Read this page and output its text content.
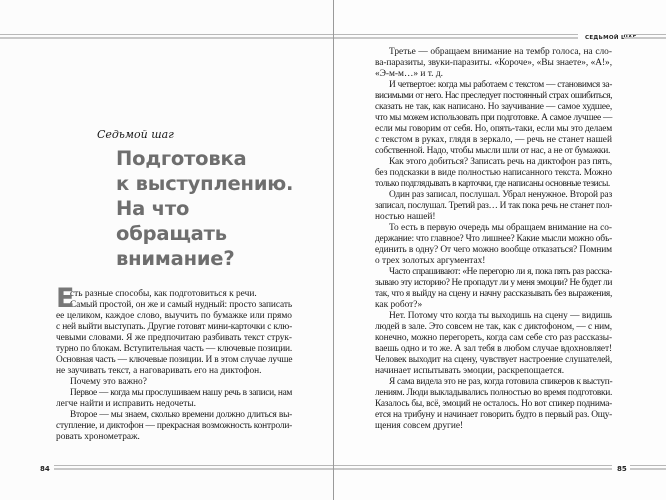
Седьмой шаг
Подготовка
к выступлению.
На что
обращать
внимание?
Е
сть разные способы, как подготовиться к речи.
Самый простой, он же и самый нудный: просто записать
ее целиком, каждое слово, выучить по бумажке или прямо
с ней выйти выступать. Другие готовят мини-карточки с клю-
чевыми словами. Я же предпочитаю разбивать текст струк-
турно по блокам. Вступительная часть — ключевые позиции.
Основная часть — ключевые позиции. И в этом случае лучше
не заучивать текст, а наговаривать его на диктофон.
Почему это важно?
Первое — когда мы прослушиваем нашу речь в записи, нам
легче найти и исправить недочеты.
Второе — мы знаем, сколько времени должно длиться вы-
ступление, и диктофон — прекрасная возможность контроли-
ровать хронометраж.
84
СЕДЬМОЙ ШАГ
Третье — обращаем внимание на тембр голоса, на сло-
ва-паразиты, звуки-паразиты. «Короче», «Вы знаете», «А!»,
«Э-м-м…» и т. д.
И четвертое: когда мы работаем с текстом — становимся за-
висимыми от него. Нас преследует постоянный страх ошибиться,
сказать не так, как написано. Но заучивание — самое худшее,
что мы можем использовать при подготовке. А самое лучшее —
если мы говорим от себя. Но, опять-таки, если мы это делаем
с текстом в руках, глядя в зеркало, — речь не станет нашей
собственной. Надо, чтобы мысли шли от нас, а не от бумажки.
Как этого добиться? Записать речь на диктофон раз пять,
без подсказки в виде полностью написанного текста. Можно
только подглядывать в карточки, где написаны основные тезисы.
Один раз записал, послушал. Убрал ненужное. Второй раз
записал, послушал. Третий раз… И так пока речь не станет пол-
ностью нашей!
То есть в первую очередь мы обращаем внимание на со-
держание: что главное? Что лишнее? Какие мысли можно объ-
единить в одну? От чего можно вообще отказаться? Помним
о трех золотых аргументах!
Часто спрашивают: «Не перегорю ли я, пока пять раз расска-
зываю эту историю? Не пропадут ли у меня эмоции? Не будет ли
так, что я выйду на сцену и начну рассказывать без выражения,
как робот?»
Нет. Потому что когда ты выходишь на сцену — видишь
людей в зале. Это совсем не так, как с диктофоном, — с ним,
конечно, можно перегореть, когда сам себе сто раз рассказы-
ваешь одно и то же. А зал тебя в любом случае вдохновляет!
Человек выходит на сцену, чувствует настроение слушателей,
начинает испытывать эмоции, раскрепощается.
Я сама видела это не раз, когда готовила спикеров к выступ-
лениям. Люди выкладывались полностью во время подготовки.
Казалось бы, всё, эмоций не осталось. Но вот спикер поднима-
ется на трибуну и начинает говорить будто в первый раз. Ощу-
щения совсем другие!
85
